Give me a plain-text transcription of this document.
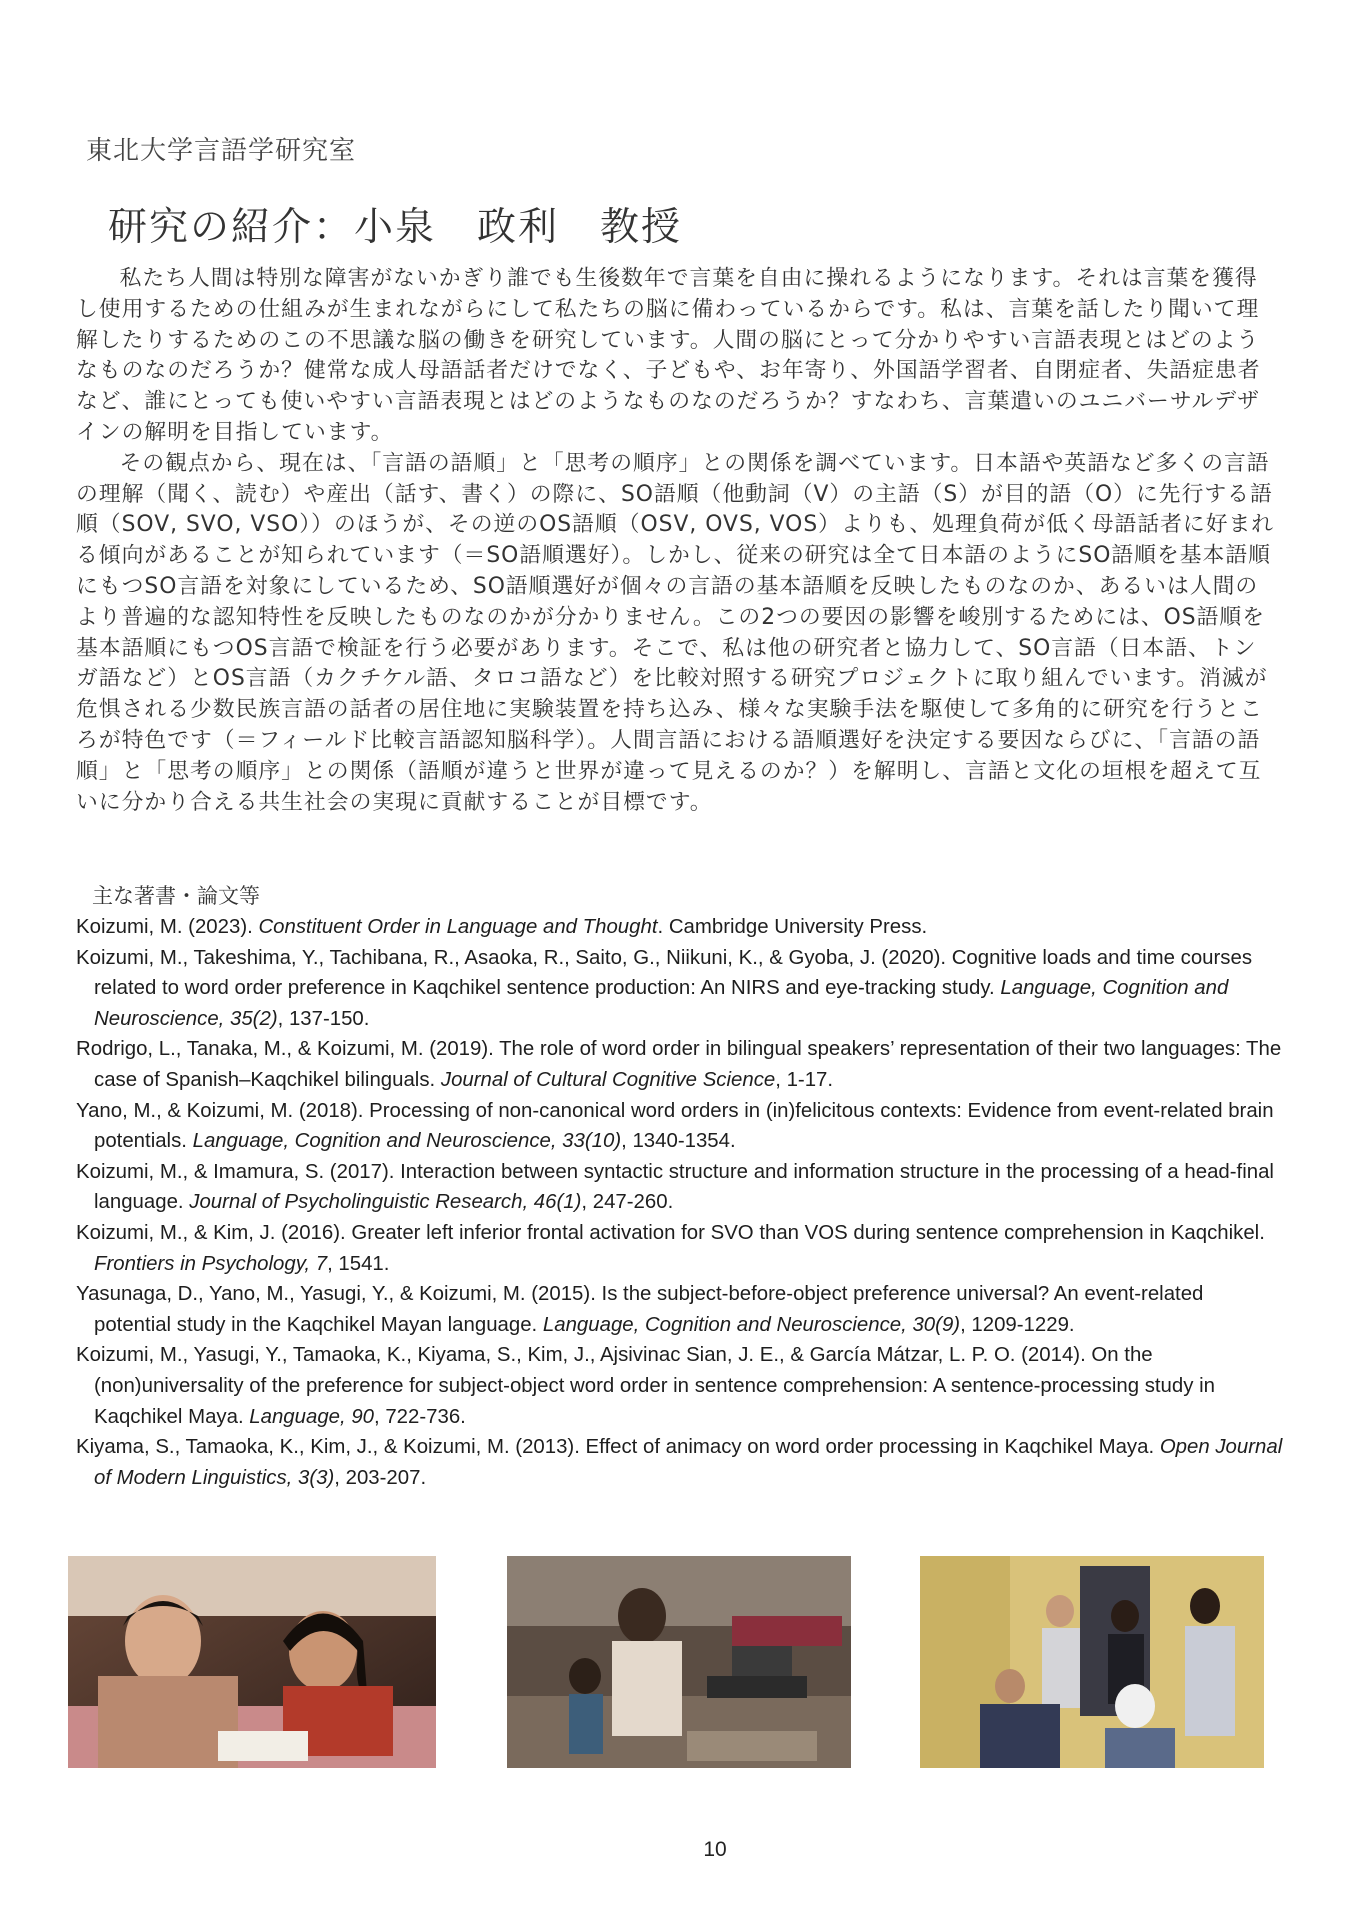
東北大学言語学研究室
研究の紹介：小泉　政利　教授

私たち人間は特別な障害がないかぎり誰でも生後数年で言葉を自由に操れるようになります。それは言葉を獲得し使用するための仕組みが生まれながらにして私たちの脳に備わっているからです。私は、言葉を話したり聞いて理解したりするためのこの不思議な脳の働きを研究しています。人間の脳にとって分かりやすい言語表現とはどのようなものなのだろうか？健常な成人母語話者だけでなく、子どもや、お年寄り、外国語学習者、自閉症者、失語症患者など、誰にとっても使いやすい言語表現とはどのようなものなのだろうか？すなわち、言葉遣いのユニバーサルデザインの解明を目指しています。

その観点から、現在は、「言語の語順」と「思考の順序」との関係を調べています。日本語や英語など多くの言語の理解（聞く、読む）や産出（話す、書く）の際に、SO語順（他動詞（V）の主語（S）が目的語（O）に先行する語順（SOV, SVO, VSO））のほうが、その逆のOS語順（OSV, OVS, VOS）よりも、処理負荷が低く母語話者に好まれる傾向があることが知られています（＝SO語順選好）。しかし、従来の研究は全て日本語のようにSO語順を基本語順にもつSO言語を対象にしているため、SO語順選好が個々の言語の基本語順を反映したものなのか、あるいは人間のより普遍的な認知特性を反映したものなのかが分かりません。この2つの要因の影響を峻別するためには、OS語順を基本語順にもつOS言語で検証を行う必要があります。そこで、私は他の研究者と協力して、SO言語（日本語、トンガ語など）とOS言語（カクチケル語、タロコ語など）を比較対照する研究プロジェクトに取り組んでいます。消滅が危惧される少数民族言語の話者の居住地に実験装置を持ち込み、様々な実験手法を駆使して多角的に研究を行うところが特色です（＝フィールド比較言語認知脳科学）。人間言語における語順選好を決定する要因ならびに、「言語の語順」と「思考の順序」との関係（語順が違うと世界が違って見えるのか？）を解明し、言語と文化の垣根を超えて互いに分かり合える共生社会の実現に貢献することが目標です。

主な著書・論文等
Koizumi, M. (2023). Constituent Order in Language and Thought. Cambridge University Press.
Koizumi, M., Takeshima, Y., Tachibana, R., Asaoka, R., Saito, G., Niikuni, K., & Gyoba, J. (2020). Cognitive loads and time courses related to word order preference in Kaqchikel sentence production: An NIRS and eye-tracking study. Language, Cognition and Neuroscience, 35(2), 137-150.
Rodrigo, L., Tanaka, M., & Koizumi, M. (2019). The role of word order in bilingual speakers’ representation of their two languages: The case of Spanish–Kaqchikel bilinguals. Journal of Cultural Cognitive Science, 1-17.
Yano, M., & Koizumi, M. (2018). Processing of non-canonical word orders in (in)felicitous contexts: Evidence from event-related brain potentials. Language, Cognition and Neuroscience, 33(10), 1340-1354.
Koizumi, M., & Imamura, S. (2017). Interaction between syntactic structure and information structure in the processing of a head-final language. Journal of Psycholinguistic Research, 46(1), 247-260.
Koizumi, M., & Kim, J. (2016). Greater left inferior frontal activation for SVO than VOS during sentence comprehension in Kaqchikel. Frontiers in Psychology, 7, 1541.
Yasunaga, D., Yano, M., Yasugi, Y., & Koizumi, M. (2015). Is the subject-before-object preference universal? An event-related potential study in the Kaqchikel Mayan language. Language, Cognition and Neuroscience, 30(9), 1209-1229.
Koizumi, M., Yasugi, Y., Tamaoka, K., Kiyama, S., Kim, J., Ajsivinac Sian, J. E., & García Mátzar, L. P. O. (2014). On the (non)universality of the preference for subject-object word order in sentence comprehension: A sentence-processing study in Kaqchikel Maya. Language, 90, 722-736.
Kiyama, S., Tamaoka, K., Kim, J., & Koizumi, M. (2013). Effect of animacy on word order processing in Kaqchikel Maya. Open Journal of Modern Linguistics, 3(3), 203-207.
10
